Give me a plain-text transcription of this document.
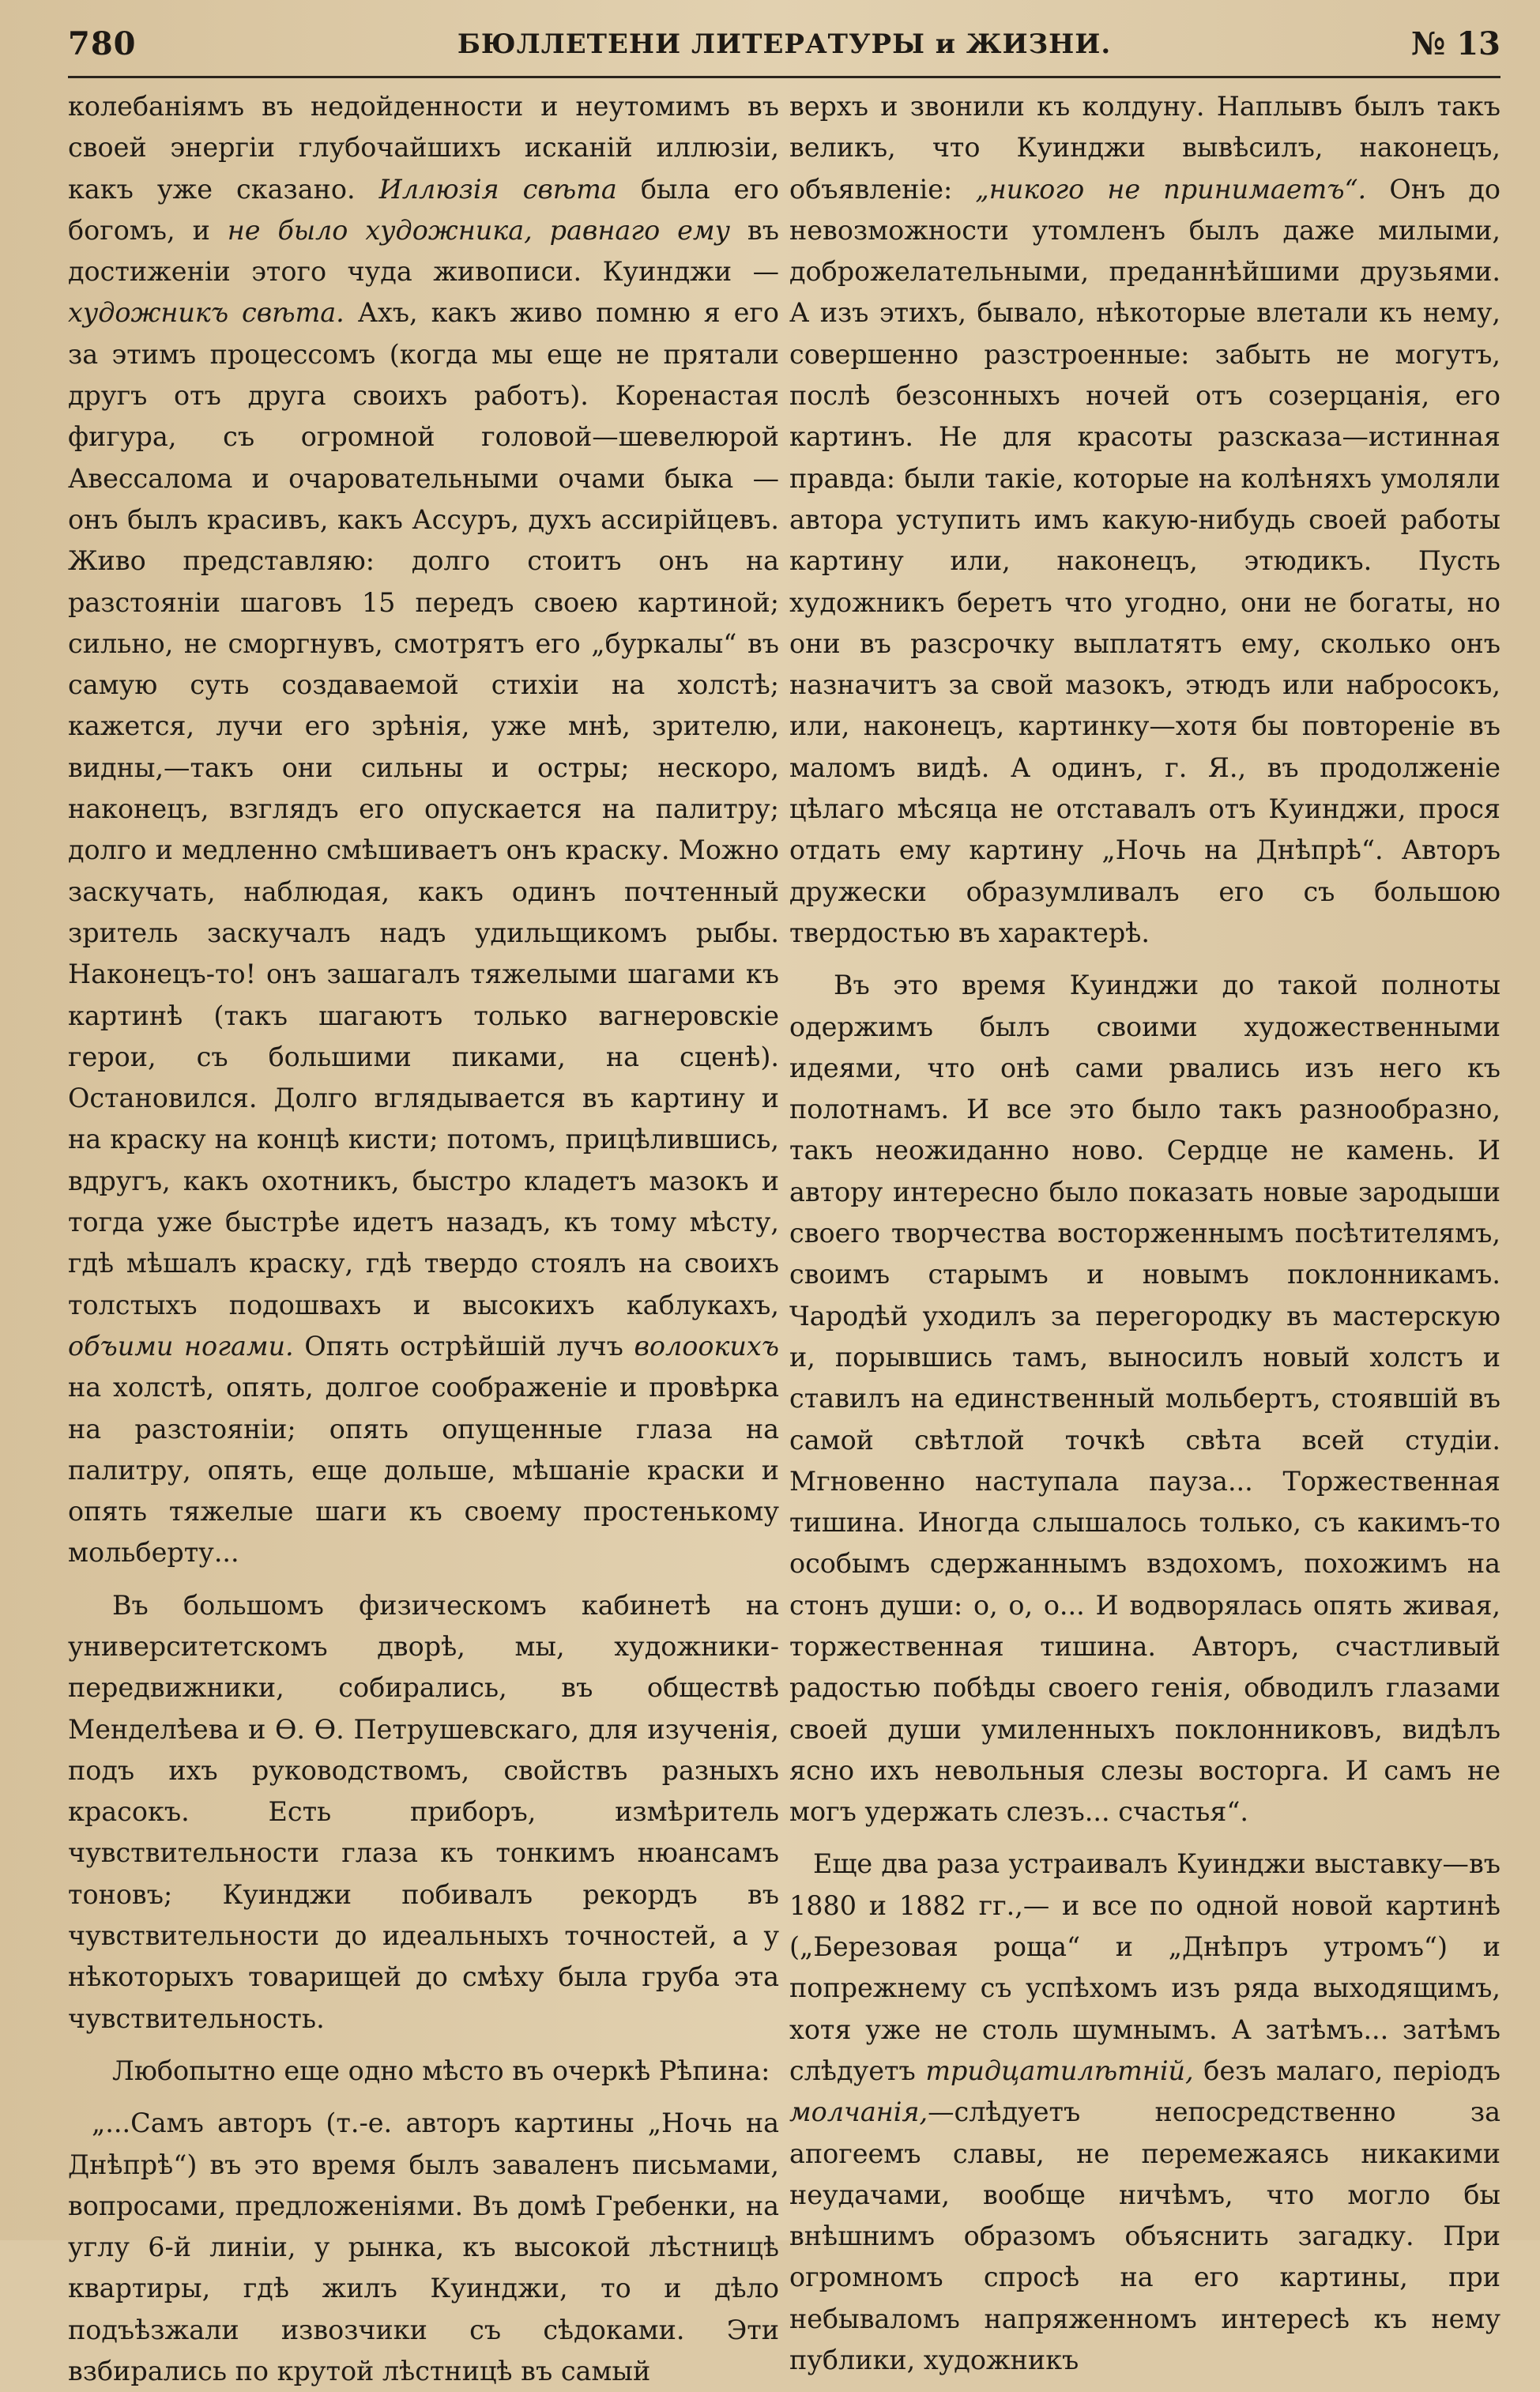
780	БЮЛЛЕТЕНИ ЛИТЕРАТУРЫ и ЖИЗНИ.	№ 13

колебаніямъ въ недойденности и неутомимъ въ своей энергіи глубочайшихъ исканій иллюзіи, какъ уже сказано. Иллюзія свѣта была его богомъ, и не было художника, равнаго ему въ достиженіи этого чуда живописи. Куинджи — художникъ свѣта. Ахъ, какъ живо помню я его за этимъ процессомъ (когда мы еще не прятали другъ отъ друга своихъ работъ). Коренастая фигура, съ огромной головой—шевелюрой Авессалома и очаровательными очами быка — онъ былъ красивъ, какъ Ассуръ, духъ ассирійцевъ. Живо представляю: долго стоитъ онъ на разстояніи шаговъ 15 передъ своею картиной; сильно, не сморгнувъ, смотрятъ его „буркалы“ въ самую суть создаваемой стихіи на холстѣ; кажется, лучи его зрѣнія, уже мнѣ, зрителю, видны,—такъ они сильны и остры; нескоро, наконецъ, взглядъ его опускается на палитру; долго и медленно смѣшиваетъ онъ краску. Можно заскучать, наблюдая, какъ одинъ почтенный зритель заскучалъ надъ удильщикомъ рыбы. Наконецъ-то! онъ зашагалъ тяжелыми шагами къ картинѣ (такъ шагаютъ только вагнеровскіе герои, съ большими пиками, на сценѣ). Остановился. Долго вглядывается въ картину и на краску на концѣ кисти; потомъ, прицѣлившись, вдругъ, какъ охотникъ, быстро кладетъ мазокъ и тогда уже быстрѣе идетъ назадъ, къ тому мѣсту, гдѣ мѣшалъ краску, гдѣ твердо стоялъ на своихъ толстыхъ подошвахъ и высокихъ каблукахъ, объими ногами. Опять острѣйшій лучъ волоокихъ на холстѣ, опять, долгое соображеніе и провѣрка на разстояніи; опять опущенные глаза на палитру, опять, еще дольше, мѣшаніе краски и опять тяжелые шаги къ своему простенькому мольберту...

Въ большомъ физическомъ кабинетѣ на университетскомъ дворѣ, мы, художники-передвижники, собирались, въ обществѣ Менделѣева и Ѳ. Ѳ. Петрушевскаго, для изученія, подъ ихъ руководствомъ, свойствъ разныхъ красокъ. Есть приборъ, измѣритель чувствительности глаза къ тонкимъ нюансамъ тоновъ; Куинджи побивалъ рекордъ въ чувствительности до идеальныхъ точностей, а у нѣкоторыхъ товарищей до смѣху была груба эта чувствительность.

Любопытно еще одно мѣсто въ очеркѣ Рѣпина:

„...Самъ авторъ (т.-е. авторъ картины „Ночь на Днѣпрѣ“) въ это время былъ заваленъ письмами, вопросами, предложеніями. Въ домѣ Гребенки, на углу 6-й линіи, у рынка, къ высокой лѣстницѣ квартиры, гдѣ жилъ Куинджи, то и дѣло подъѣзжали извозчики съ сѣдоками. Эти взбирались по крутой лѣстницѣ въ самый

верхъ и звонили къ колдуну. Наплывъ былъ такъ великъ, что Куинджи вывѣсилъ, наконецъ, объявленіе: „никого не принимаетъ“. Онъ до невозможности утомленъ былъ даже милыми, доброжелательными, преданнѣйшими друзьями. А изъ этихъ, бывало, нѣкоторые влетали къ нему, совершенно разстроенные: забыть не могутъ, послѣ безсонныхъ ночей отъ созерцанія, его картинъ. Не для красоты разсказа—истинная правда: были такіе, которые на колѣняхъ умоляли автора уступить имъ какую-нибудь своей работы картину или, наконецъ, этюдикъ. Пусть художникъ беретъ что угодно, они не богаты, но они въ разсрочку выплатятъ ему, сколько онъ назначитъ за свой мазокъ, этюдъ или набросокъ, или, наконецъ, картинку—хотя бы повтореніе въ маломъ видѣ. А одинъ, г. Я., въ продолженіе цѣлаго мѣсяца не отставалъ отъ Куинджи, прося отдать ему картину „Ночь на Днѣпрѣ“. Авторъ дружески образумливалъ его съ большою твердостью въ характерѣ.

Въ это время Куинджи до такой полноты одержимъ былъ своими художественными идеями, что онѣ сами рвались изъ него къ полотнамъ. И все это было такъ разнообразно, такъ неожиданно ново. Сердце не камень. И автору интересно было показать новые зародыши своего творчества восторженнымъ посѣтителямъ, своимъ старымъ и новымъ поклонникамъ. Чародѣй уходилъ за перегородку въ мастерскую и, порывшись тамъ, выносилъ новый холстъ и ставилъ на единственный мольбертъ, стоявшій въ самой свѣтлой точкѣ свѣта всей студіи. Мгновенно наступала пауза... Торжественная тишина. Иногда слышалось только, съ какимъ-то особымъ сдержаннымъ вздохомъ, похожимъ на стонъ души: о, о, о... И водворялась опять живая, торжественная тишина. Авторъ, счастливый радостью побѣды своего генія, обводилъ глазами своей души умиленныхъ поклонниковъ, видѣлъ ясно ихъ невольныя слезы восторга. И самъ не могъ удержать слезъ... счастья“.

Еще два раза устраивалъ Куинджи выставку—въ 1880 и 1882 гг.,— и все по одной новой картинѣ („Березовая роща“ и „Днѣпръ утромъ“) и попрежнему съ успѣхомъ изъ ряда выходящимъ, хотя уже не столь шумнымъ. А затѣмъ... затѣмъ слѣдуетъ тридцатилѣтній, безъ малаго, періодъ молчанія,—слѣдуетъ непосредственно за апогеемъ славы, не перемежаясь никакими неудачами, вообще ничѣмъ, что могло бы внѣшнимъ образомъ объяснить загадку. При огромномъ спросѣ на его картины, при небываломъ напряженномъ интересѣ къ нему публики, художникъ
